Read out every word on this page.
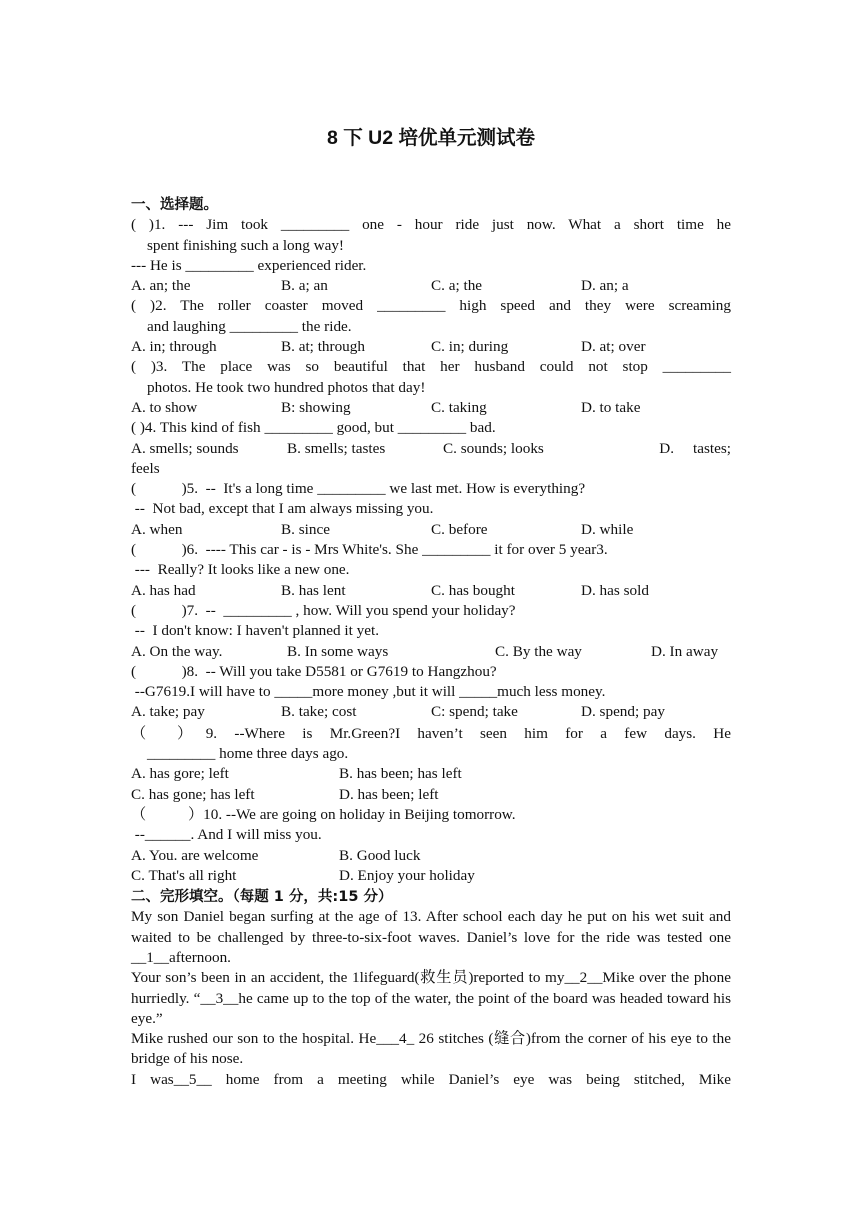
8 下 U2 培优单元测试卷
一、选择题。
( )1. --- Jim took _________ one - hour ride just now. What a short time he
spent finishing such a long way!
--- He is _________ experienced rider.
A. an; the	B. a; an	C. a; the	D. an; a
( )2. The roller coaster moved _________ high speed and they were screaming
and laughing _________ the ride.
A. in; through	B. at; through	C. in; during	D. at; over
( )3. The place was so beautiful that her husband could not stop _________
photos. He took two hundred photos that day!
A. to show	B: showing	C. taking	D. to take
( )4. This kind of fish _________ good, but _________ bad.
A. smells; sounds	B. smells; tastes	C. sounds; looks	D.     tastes;
feels
(            )5.  --  It's a long time _________ we last met. How is everything?
--  Not bad, except that I am always missing you.
A. when	B. since	C. before	D. while
(            )6.  ---- This car - is - Mrs White's. She _________ it for over 5 year3.
---  Really? It looks like a new one.
A. has had	B. has lent	C. has bought	D. has sold
(            )7.  --  _________ , how. Will you spend your holiday?
--  I don't know: I haven't planned it yet.
A. On the way.	B. In some ways	C. By the way	D. In away
(            )8.  -- Will you take D5581 or G7619 to Hangzhou?
--G7619.I will have to _____more money ,but it will _____much less money.
A. take; pay	B. take; cost	C: spend; take	D. spend; pay
（ ）9. --Where is Mr.Green?I haven’t seen him for a few days. He
_________ home three days ago.
A. has gore; left	B. has been; has left
C. has gone; has left	D. has been; left
（           ）10. --We are going on holiday in Beijing tomorrow.
--______. And I will miss you.
A. You. are welcome	B. Good luck
C. That's all right	D. Enjoy your holiday
二、完形填空。（每题 1 分，共:15 分）
My son Daniel began surfing at the age of 13. After school each day he put on his wet suit and waited to be challenged by three-to-six-foot waves. Daniel’s love for the ride was tested one __1__afternoon.
Your son’s been in an accident, the 1lifeguard(救生员)reported to my__2__Mike over the phone hurriedly. “__3__he came up to the top of the water, the point of the board was headed toward his eye.”
Mike rushed our son to the hospital. He___4_ 26 stitches (缝合)from the corner of his eye to the bridge of his nose.
I was__5__ home from a meeting while Daniel’s eye was being stitched, Mike
